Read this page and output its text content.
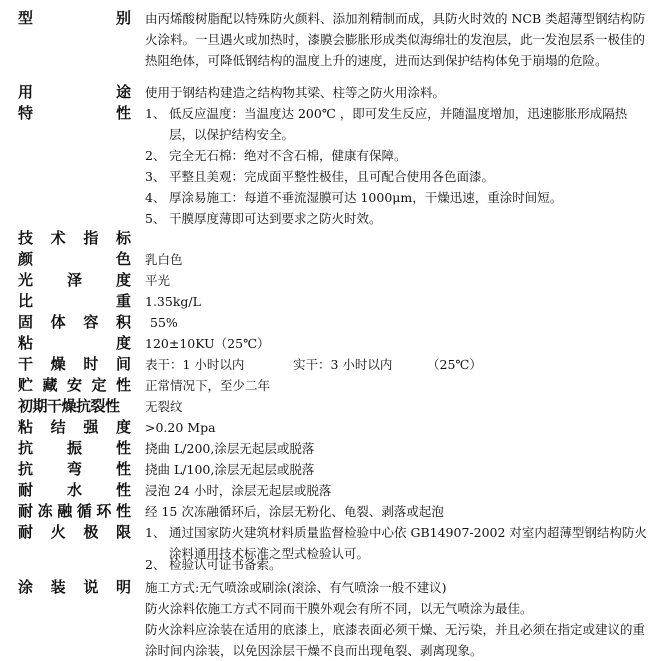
型	别 由丙烯酸树脂配以特殊防火颜料、添加剂精制而成，具防火时效的 NCB 类超薄型钢结构防火涂料。一旦遇火或加热时，漆膜会膨胀形成类似海绵壮的发泡层，此一发泡层系一极佳的热阻绝体，可降低钢结构的温度上升的速度，进而达到保护结构体免于崩塌的危险。
用	途 使用于钢结构建造之结构物其梁、柱等之防火用涂料。
特	性 1、 低反应温度：当温度达 200℃ ，即可发生反应，并随温度增加，迅速膨胀形成隔热层，以保护结构安全。
2、 完全无石棉：绝对不含石棉，健康有保障。
3、 平整且美观：完成面平整性极佳，且可配合使用各色面漆。
4、 厚涂易施工：每道不垂流湿膜可达 1000μm，干燥迅速，重涂时间短。
5、 干膜厚度薄即可达到要求之防火时效。
技 术 指 标
颜	色 乳白色
光 泽 度 平光
比	重 1.35kg/L
固 体 容 积 55%
粘	度 120±10KU（25℃）
干 燥 时 间 表干：1 小时以内	实干：3 小时以内	（25℃）
贮 藏 安 定 性 正常情况下，至少二年
初期干燥抗裂性	无裂纹
粘 结 强 度 >0.20 Mpa
抗 振 性 挠曲 L/200,涂层无起层或脱落
抗 弯 性 挠曲 L/100,涂层无起层或脱落
耐 水 性 浸泡 24 小时，涂层无起层或脱落
耐 冻 融 循 环 性 经 15 次冻融循环后，涂层无粉化、龟裂、剥落或起泡
耐 火 极 限 1、 通过国家防火建筑材料质量监督检验中心依 GB14907-2002 对室内超薄型钢结构防火涂料通用技术标准之型式检验认可。
2、 检验认可证书备索。
涂 装 说 明 施工方式:无气喷涂或刷涂(滚涂、有气喷涂一般不建议)
防火涂料依施工方式不同而干膜外观会有所不同，以无气喷涂为最佳。
防火涂料应涂装在适用的底漆上，底漆表面必须干燥、无污染，并且必须在指定或建议的重涂时间内涂装，以免因涂层干燥不良而出现龟裂、剥离现象。
